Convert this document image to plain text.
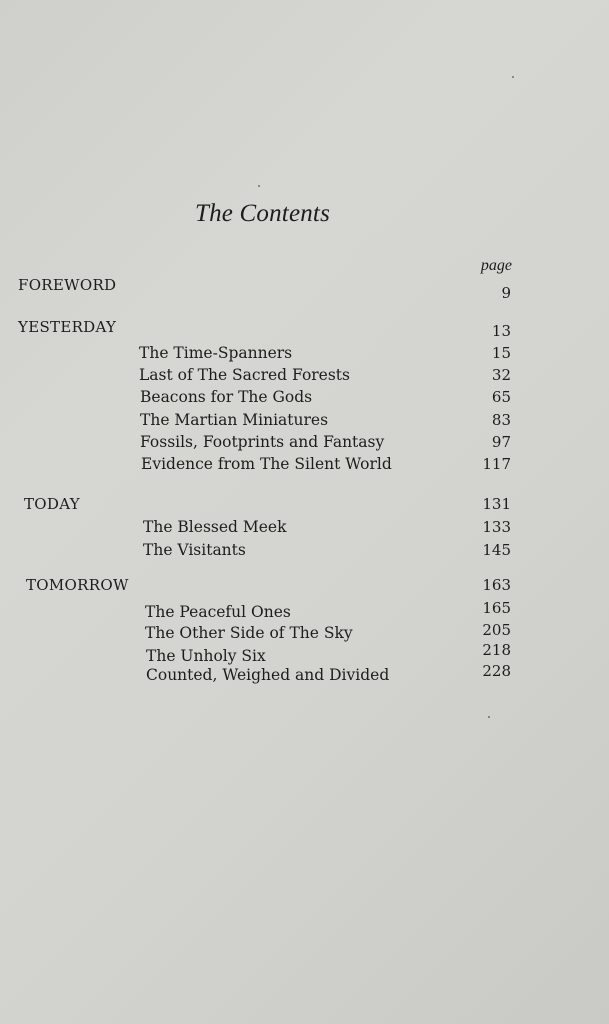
The Contents
page
FOREWORD	9
YESTERDAY	13
The Time-Spanners	15
Last of The Sacred Forests	32
Beacons for The Gods	65
The Martian Miniatures	83
Fossils, Footprints and Fantasy	97
Evidence from The Silent World	117
TODAY	131
The Blessed Meek	133
The Visitants	145
TOMORROW	163
The Peaceful Ones	165
The Other Side of The Sky	205
The Unholy Six	218
Counted, Weighed and Divided	228
